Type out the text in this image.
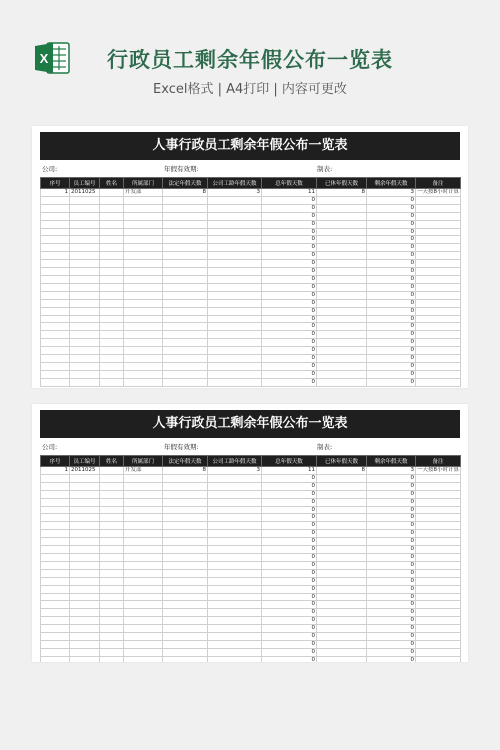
X	行政员工剩余年假公布一览表
Excel格式 | A4打印 | 内容可更改
人事行政员工剩余年假公布一览表
公司:	年假有效期:	制表:
序号	员工编号	姓名	所属部门	法定年假天数	公司工龄年假天数	总年假天数	已休年假天数	剩余年假天数	备注
1	2011025		开发部	8	3	11	8	3	一天按8小时计算
						0		0	
						0		0	
						0		0	
						0		0	
						0		0	
						0		0	
						0		0	
						0		0	
						0		0	
						0		0	
						0		0	
						0		0	
						0		0	
						0		0	
						0		0	
						0		0	
						0		0	
						0		0	
						0		0	
						0		0	
						0		0	
						0		0	
						0		0	
						0		0	
人事行政员工剩余年假公布一览表
公司:	年假有效期:	制表:
序号	员工编号	姓名	所属部门	法定年假天数	公司工龄年假天数	总年假天数	已休年假天数	剩余年假天数	备注
1	2011025		开发部	8	3	11	8	3	一天按8小时计算
						0		0	
						0		0	
						0		0	
						0		0	
						0		0	
						0		0	
						0		0	
						0		0	
						0		0	
						0		0	
						0		0	
						0		0	
						0		0	
						0		0	
						0		0	
						0		0	
						0		0	
						0		0	
						0		0	
						0		0	
						0		0	
						0		0	
						0		0	
						0		0	
